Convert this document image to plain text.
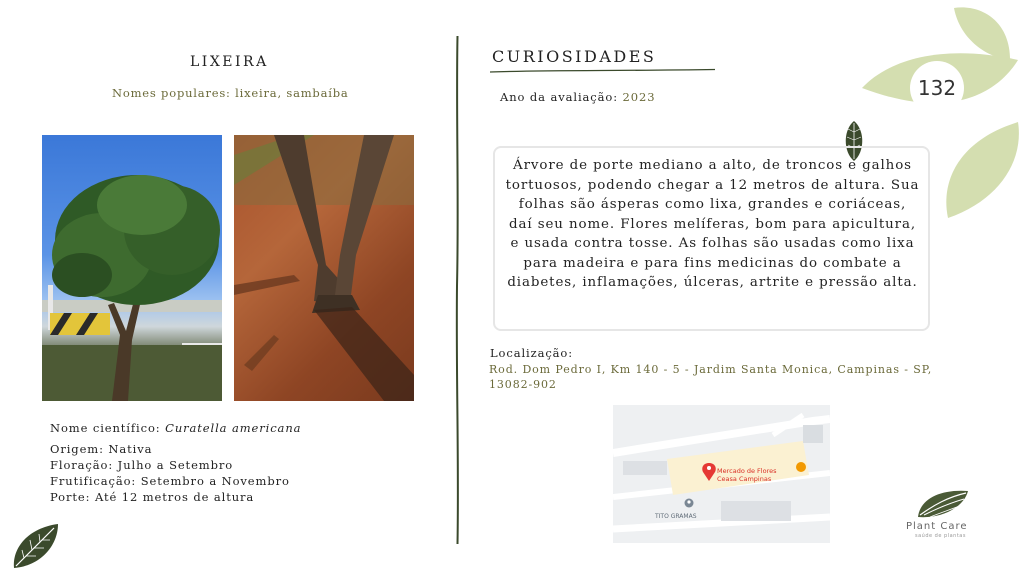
LIXEIRA
Nomes populares: lixeira, sambaíba
Nome científico: Curatella americana
Origem: Nativa
Floração: Julho a Setembro
Frutificação: Setembro a Novembro
Porte: Até 12 metros de altura
CURIOSIDADES
Ano da avaliação: 2023	132
Árvore de porte mediano a alto, de troncos e galhos tortuosos, podendo chegar a 12 metros de altura. Sua folhas são ásperas como lixa, grandes e coriáceas, daí seu nome. Flores melíferas, bom para apicultura, e usada contra tosse. As folhas são usadas como lixa para madeira e para fins medicinas do combate a diabetes, inflamações, úlceras, artrite e pressão alta.
Localização:
Rod. Dom Pedro I, Km 140 - 5 - Jardim Santa Monica, Campinas - SP, 13082-902
Mercado de Flores
Ceasa Campinas
TITO GRAMAS
Plant Care
saúde de plantas
